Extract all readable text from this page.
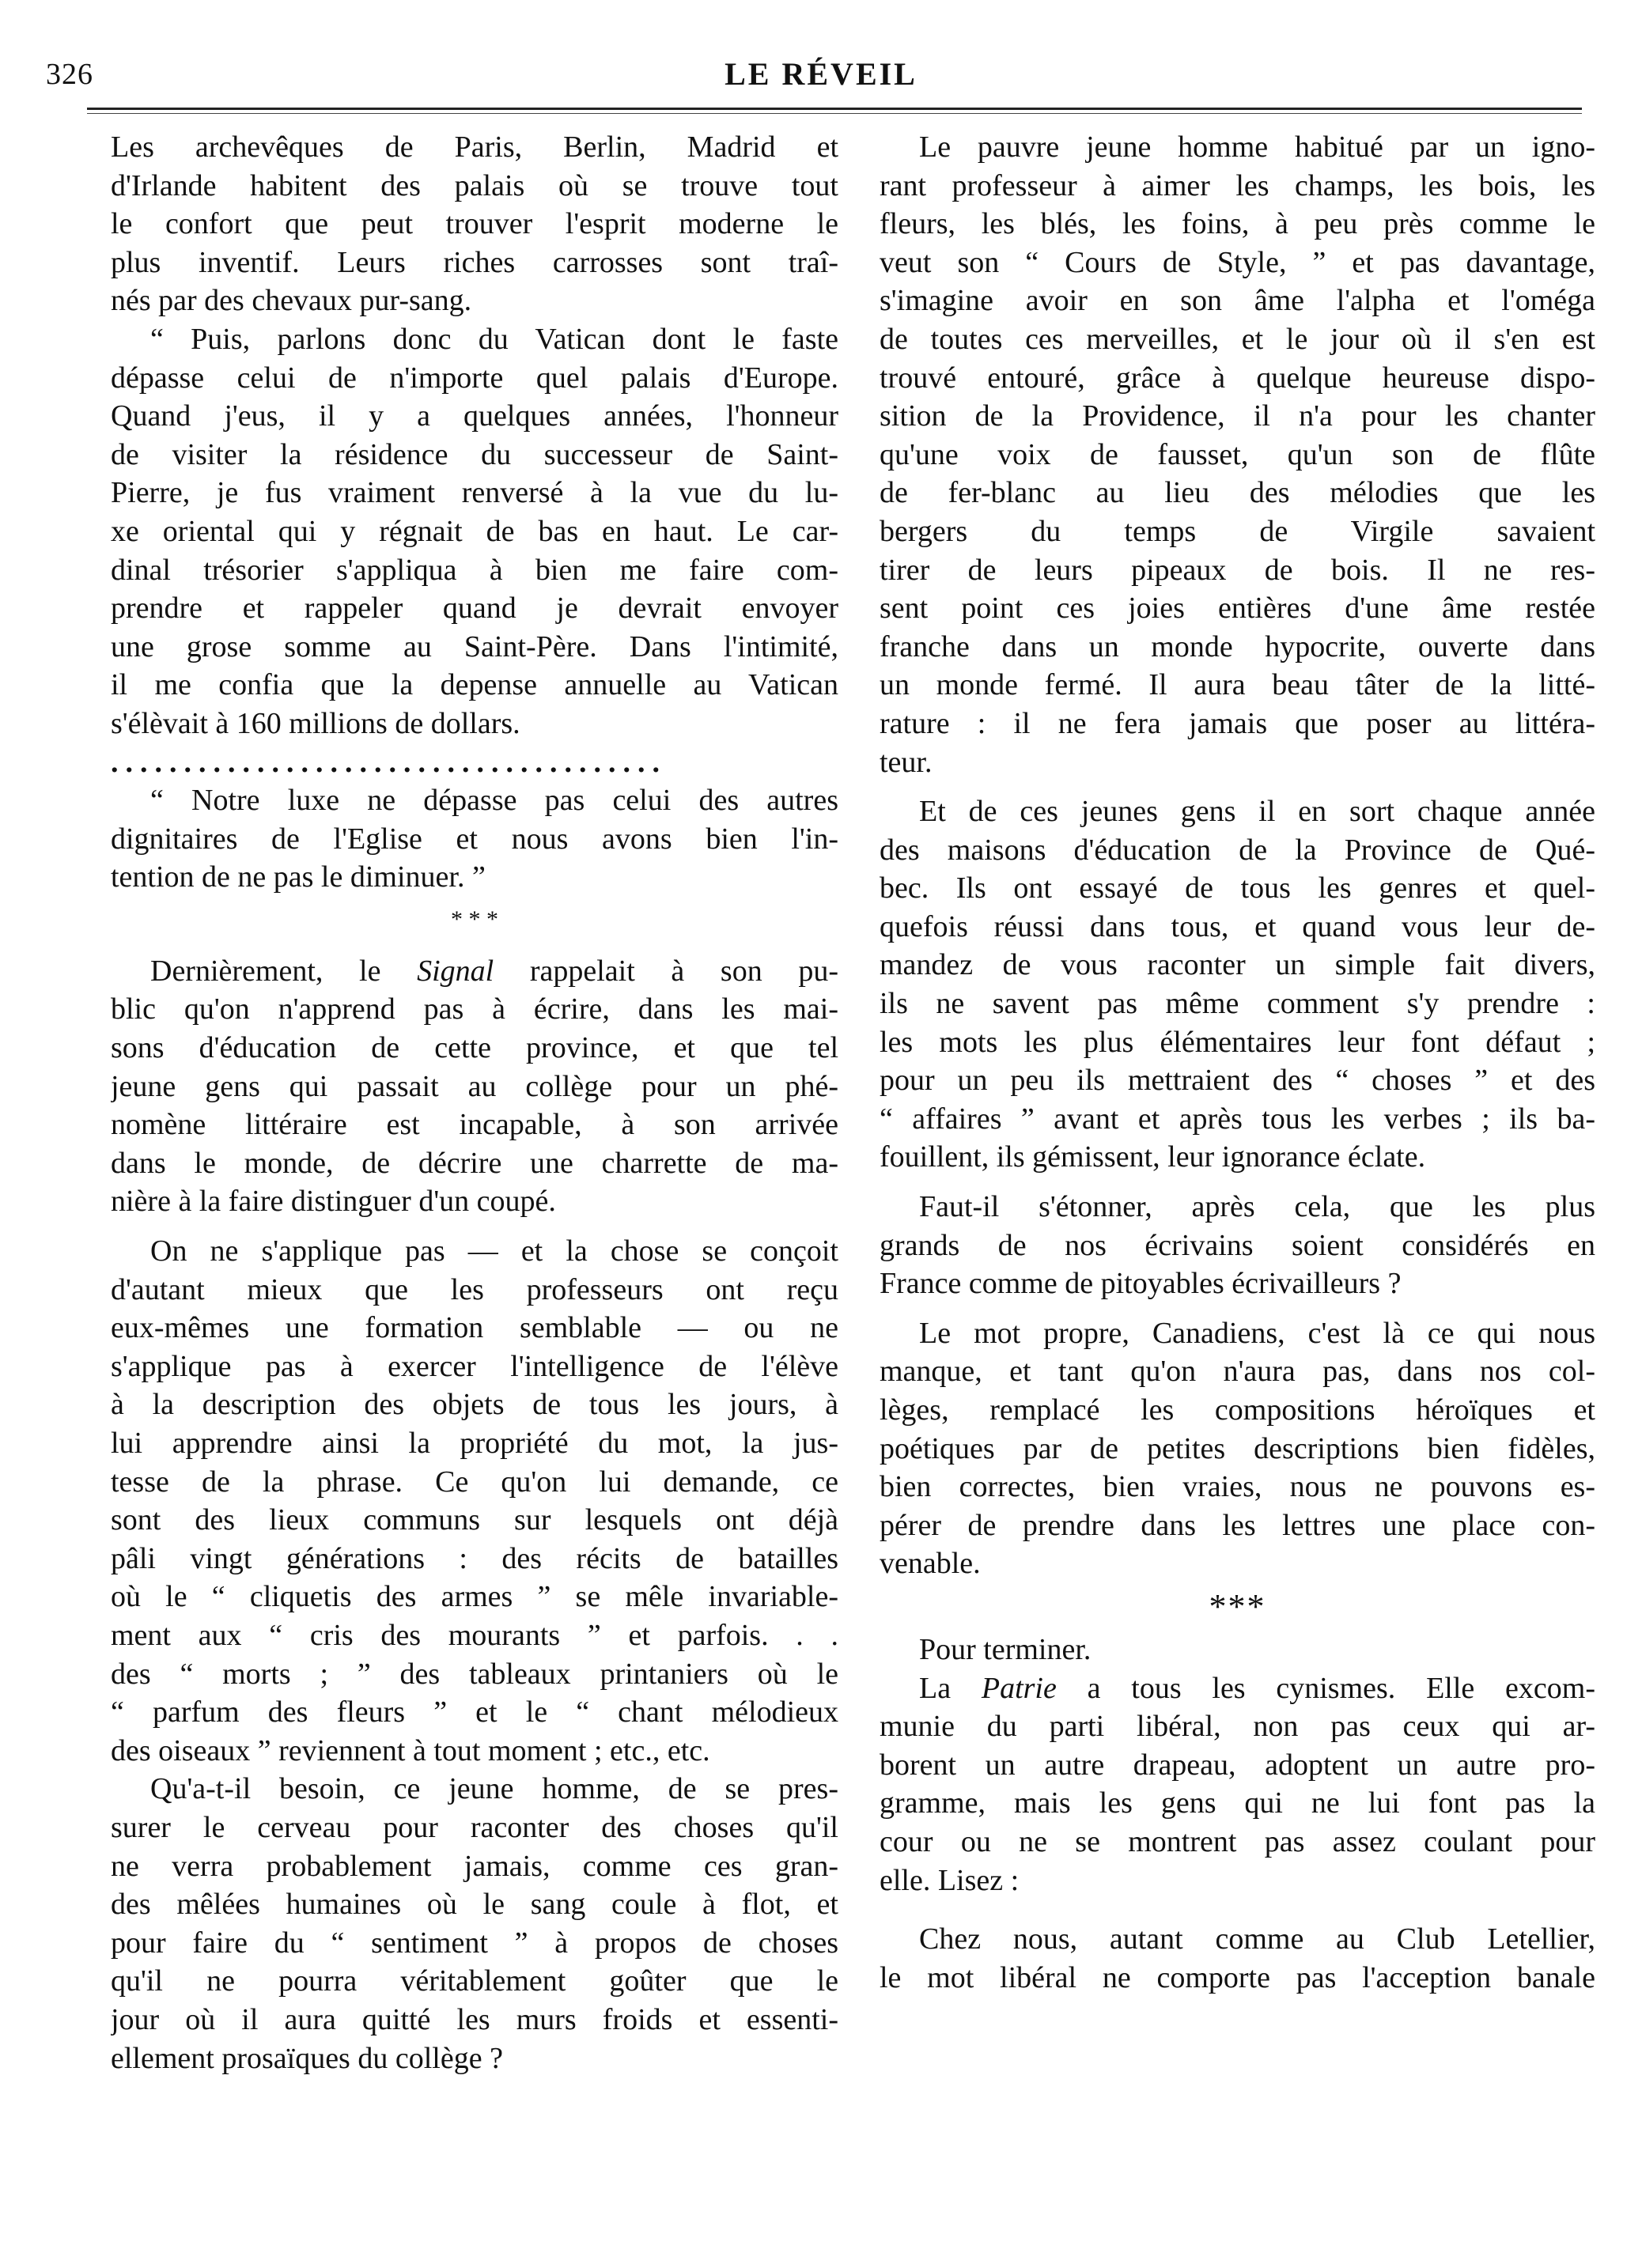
326	LE RÉVEIL
Les archevêques de Paris, Berlin, Madrid et
d'Irlande habitent des palais où se trouve tout
le confort que peut trouver l'esprit moderne le
plus inventif. Leurs riches carrosses sont traî-
nés par des chevaux pur-sang.
“ Puis, parlons donc du Vatican dont le faste
dépasse celui de n'importe quel palais d'Europe.
Quand j'eus, il y a quelques années, l'honneur
de visiter la résidence du successeur de Saint-
Pierre, je fus vraiment renversé à la vue du lu-
xe oriental qui y régnait de bas en haut. Le car-
dinal trésorier s'appliqua à bien me faire com-
prendre et rappeler quand je devrait envoyer
une grose somme au Saint-Père. Dans l'intimité,
il me confia que la depense annuelle au Vatican
s'élèvait à 160 millions de dollars.
......................................
“ Notre luxe ne dépasse pas celui des autres
dignitaires de l'Eglise et nous avons bien l'in-
tention de ne pas le diminuer. ”
* * *
Dernièrement, le Signal rappelait à son pu-
blic qu'on n'apprend pas à écrire, dans les mai-
sons d'éducation de cette province, et que tel
jeune gens qui passait au collège pour un phé-
nomène littéraire est incapable, à son arrivée
dans le monde, de décrire une charrette de ma-
nière à la faire distinguer d'un coupé.
On ne s'applique pas — et la chose se conçoit
d'autant mieux que les professeurs ont reçu
eux-mêmes une formation semblable — ou ne
s'applique pas à exercer l'intelligence de l'élève
à la description des objets de tous les jours, à
lui apprendre ainsi la propriété du mot, la jus-
tesse de la phrase. Ce qu'on lui demande, ce
sont des lieux communs sur lesquels ont déjà
pâli vingt générations : des récits de batailles
où le “ cliquetis des armes ” se mêle invariable-
ment aux “ cris des mourants ” et parfois. . .
des “ morts ; ” des tableaux printaniers où le
“ parfum des fleurs ” et le “ chant mélodieux
des oiseaux ” reviennent à tout moment ; etc., etc.
Qu'a-t-il besoin, ce jeune homme, de se pres-
surer le cerveau pour raconter des choses qu'il
ne verra probablement jamais, comme ces gran-
des mêlées humaines où le sang coule à flot, et
pour faire du “ sentiment ” à propos de choses
qu'il ne pourra véritablement goûter que le
jour où il aura quitté les murs froids et essenti-
ellement prosaïques du collège ?
Le pauvre jeune homme habitué par un igno-
rant professeur à aimer les champs, les bois, les
fleurs, les blés, les foins, à peu près comme le
veut son “ Cours de Style, ” et pas davantage,
s'imagine avoir en son âme l'alpha et l'oméga
de toutes ces merveilles, et le jour où il s'en est
trouvé entouré, grâce à quelque heureuse dispo-
sition de la Providence, il n'a pour les chanter
qu'une voix de fausset, qu'un son de flûte
de fer-blanc au lieu des mélodies que les
bergers du temps de Virgile savaient
tirer de leurs pipeaux de bois. Il ne res-
sent point ces joies entières d'une âme restée
franche dans un monde hypocrite, ouverte dans
un monde fermé. Il aura beau tâter de la litté-
rature : il ne fera jamais que poser au littéra-
teur.
Et de ces jeunes gens il en sort chaque année
des maisons d'éducation de la Province de Qué-
bec. Ils ont essayé de tous les genres et quel-
quefois réussi dans tous, et quand vous leur de-
mandez de vous raconter un simple fait divers,
ils ne savent pas même comment s'y prendre :
les mots les plus élémentaires leur font défaut ;
pour un peu ils mettraient des “ choses ” et des
“ affaires ” avant et après tous les verbes ; ils ba-
fouillent, ils gémissent, leur ignorance éclate.
Faut-il s'étonner, après cela, que les plus
grands de nos écrivains soient considérés en
France comme de pitoyables écrivailleurs ?
Le mot propre, Canadiens, c'est là ce qui nous
manque, et tant qu'on n'aura pas, dans nos col-
lèges, remplacé les compositions héroïques et
poétiques par de petites descriptions bien fidèles,
bien correctes, bien vraies, nous ne pouvons es-
pérer de prendre dans les lettres une place con-
venable.
***
Pour terminer.
La Patrie a tous les cynismes. Elle excom-
munie du parti libéral, non pas ceux qui ar-
borent un autre drapeau, adoptent un autre pro-
gramme, mais les gens qui ne lui font pas la
cour ou ne se montrent pas assez coulant pour
elle. Lisez :
Chez nous, autant comme au Club Letellier,
le mot libéral ne comporte pas l'acception banale
